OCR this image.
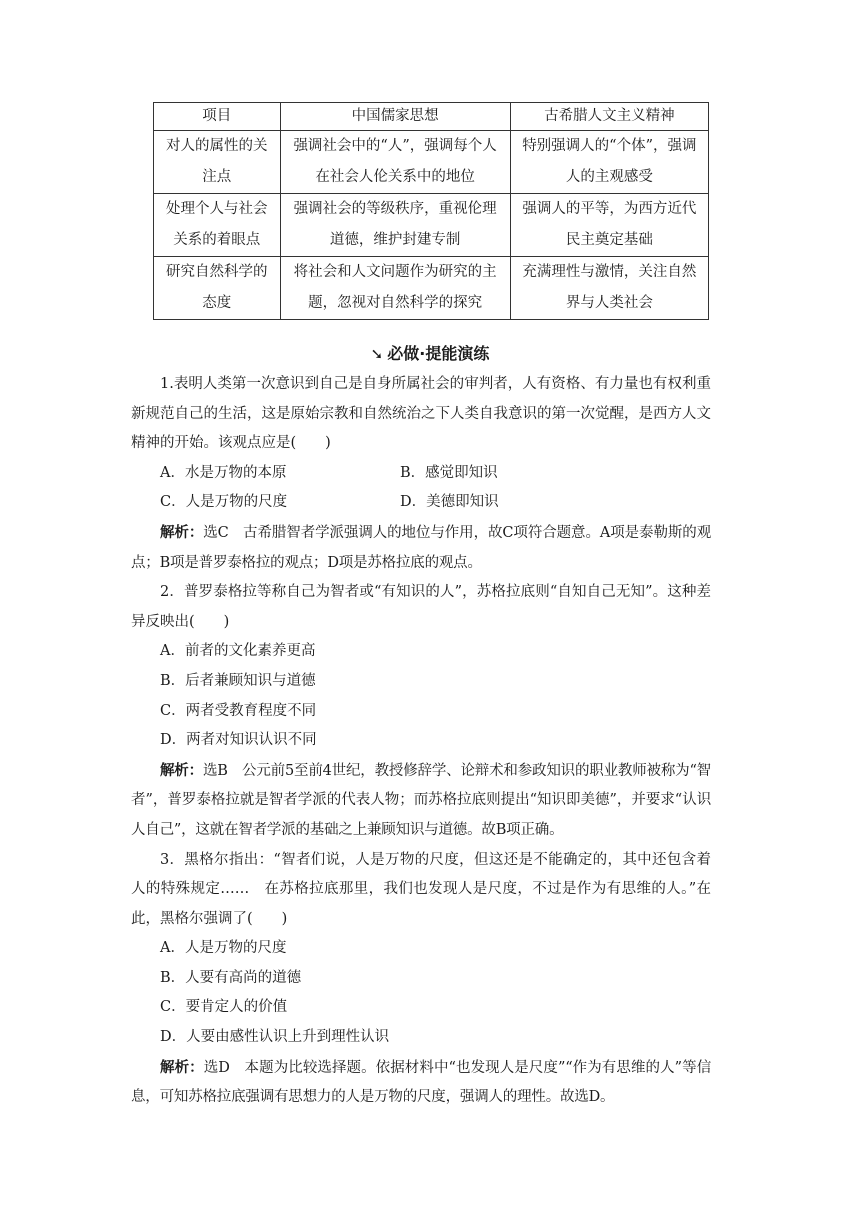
项目	中国儒家思想	古希腊人文主义精神
对人的属性的关注点	强调社会中的“人”，强调每个人在社会人伦关系中的地位	特别强调人的“个体”，强调人的主观感受
处理个人与社会关系的着眼点	强调社会的等级秩序，重视伦理道德，维护封建专制	强调人的平等，为西方近代民主奠定基础
研究自然科学的态度	将社会和人文问题作为研究的主题，忽视对自然科学的探究	充满理性与激情，关注自然界与人类社会
➘ 必做·提能演练

1.表明人类第一次意识到自己是自身所属社会的审判者，人有资格、有力量也有权利重新规范自己的生活，这是原始宗教和自然统治之下人类自我意识的第一次觉醒，是西方人文精神的开始。该观点应是(　　)

A．水是万物的本原	B．感觉即知识

C．人是万物的尺度	D．美德即知识

解析：选C　古希腊智者学派强调人的地位与作用，故C项符合题意。A项是泰勒斯的观点；B项是普罗泰格拉的观点；D项是苏格拉底的观点。

2．普罗泰格拉等称自己为智者或“有知识的人”，苏格拉底则“自知自己无知”。这种差异反映出(　　)

A．前者的文化素养更高

B．后者兼顾知识与道德

C．两者受教育程度不同

D．两者对知识认识不同

解析：选B　公元前5至前4世纪，教授修辞学、论辩术和参政知识的职业教师被称为“智者”，普罗泰格拉就是智者学派的代表人物；而苏格拉底则提出“知识即美德”，并要求“认识人自己”，这就在智者学派的基础之上兼顾知识与道德。故B项正确。

3．黑格尔指出：“智者们说，人是万物的尺度，但这还是不能确定的，其中还包含着人的特殊规定……　在苏格拉底那里，我们也发现人是尺度，不过是作为有思维的人。”在此，黑格尔强调了(　　)

A．人是万物的尺度

B．人要有高尚的道德

C．要肯定人的价值

D．人要由感性认识上升到理性认识

解析：选D　本题为比较选择题。依据材料中“也发现人是尺度”“作为有思维的人”等信息，可知苏格拉底强调有思想力的人是万物的尺度，强调人的理性。故选D。
